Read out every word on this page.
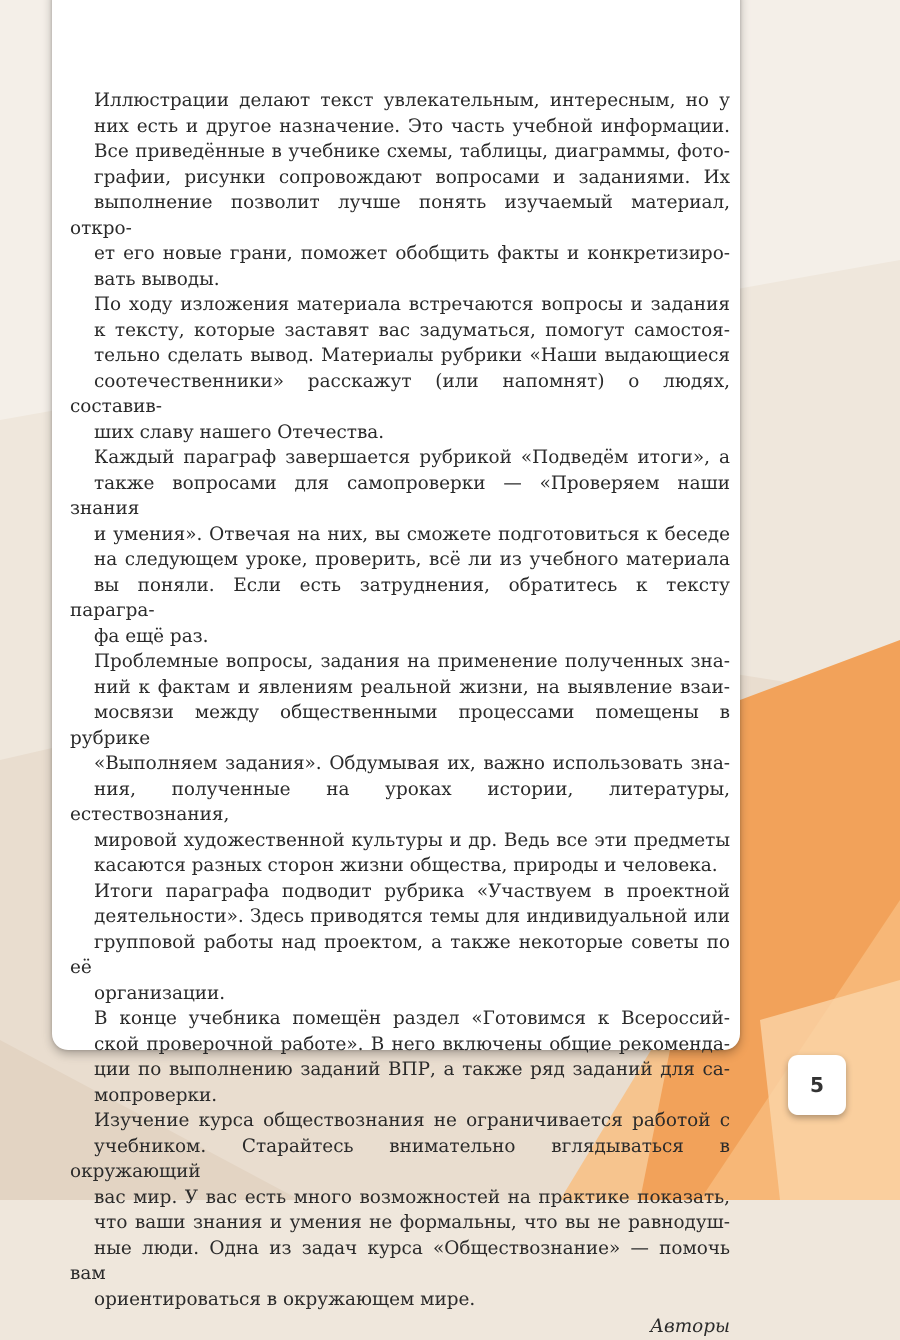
Иллюстрации делают текст увлекательным, интересным, но у
них есть и другое назначение. Это часть учебной информации.
Все приведённые в учебнике схемы, таблицы, диаграммы, фото-
графии, рисунки сопровождают вопросами и заданиями. Их
выполнение позволит лучше понять изучаемый материал, откро-
ет его новые грани, поможет обобщить факты и конкретизиро-
вать выводы.

По ходу изложения материала встречаются вопросы и задания
к тексту, которые заставят вас задуматься, помогут самостоя-
тельно сделать вывод. Материалы рубрики «Наши выдающиеся
соотечественники» расскажут (или напомнят) о людях, составив-
ших славу нашего Отечества.

Каждый параграф завершается рубрикой «Подведём итоги», а
также вопросами для самопроверки — «Проверяем наши знания
и умения». Отвечая на них, вы сможете подготовиться к беседе
на следующем уроке, проверить, всё ли из учебного материала
вы поняли. Если есть затруднения, обратитесь к тексту парагра-
фа ещё раз.

Проблемные вопросы, задания на применение полученных зна-
ний к фактам и явлениям реальной жизни, на выявление взаи-
мосвязи между общественными процессами помещены в рубрике
«Выполняем задания». Обдумывая их, важно использовать зна-
ния, полученные на уроках истории, литературы, естествознания,
мировой художественной культуры и др. Ведь все эти предметы
касаются разных сторон жизни общества, природы и человека.

Итоги параграфа подводит рубрика «Участвуем в проектной
деятельности». Здесь приводятся темы для индивидуальной или
групповой работы над проектом, а также некоторые советы по её
организации.

В конце учебника помещён раздел «Готовимся к Всероссий-
ской проверочной работе». В него включены общие рекоменда-
ции по выполнению заданий ВПР, а также ряд заданий для са-
мопроверки.

Изучение курса обществознания не ограничивается работой с
учебником. Старайтесь внимательно вглядываться в окружающий
вас мир. У вас есть много возможностей на практике показать,
что ваши знания и умения не формальны, что вы не равнодуш-
ные люди. Одна из задач курса «Обществознание» — помочь вам
ориентироваться в окружающем мире.

Авторы
5
